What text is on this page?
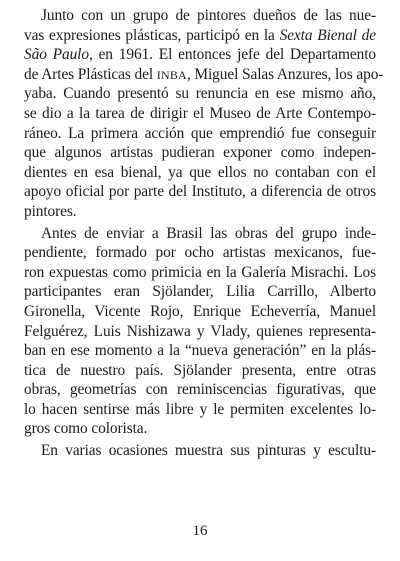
Junto con un grupo de pintores dueños de las nue-
vas expresiones plásticas, participó en la Sexta Bienal de
São Paulo, en 1961. El entonces jefe del Departamento
de Artes Plásticas del INBA, Miguel Salas Anzures, los apo-
yaba. Cuando presentó su renuncia en ese mismo año,
se dio a la tarea de dirigir el Museo de Arte Contempo-
ráneo. La primera acción que emprendió fue conseguir
que algunos artistas pudieran exponer como indepen-
dientes en esa bienal, ya que ellos no contaban con el
apoyo oficial por parte del Instituto, a diferencia de otros
pintores.
Antes de enviar a Brasil las obras del grupo inde-
pendiente, formado por ocho artistas mexicanos, fue-
ron expuestas como primicia en la Galería Misrachi. Los
participantes eran Sjölander, Lilia Carrillo, Alberto
Gironella, Vicente Rojo, Enrique Echeverría, Manuel
Felguérez, Luis Nishizawa y Vlady, quienes representa-
ban en ese momento a la “nueva generación” en la plás-
tica de nuestro país. Sjölander presenta, entre otras
obras, geometrías con reminiscencias figurativas, que
lo hacen sentirse más libre y le permiten excelentes lo-
gros como colorista.
En varias ocasiones muestra sus pinturas y escultu-
16
